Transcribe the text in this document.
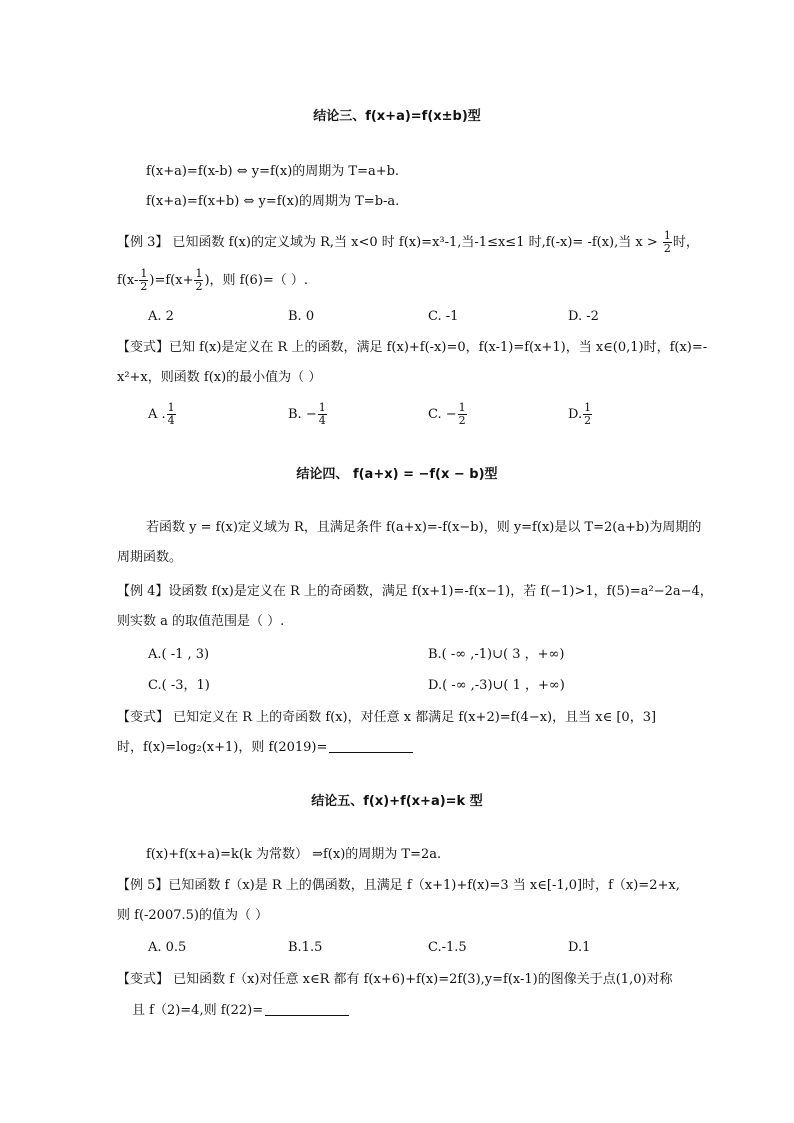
结论三、f(x+a)=f(x±b)型
f(x+a)=f(x-b) ⇔ y=f(x)的周期为 T=a+b.
f(x+a)=f(x+b) ⇔ y=f(x)的周期为 T=b-a.
【例 3】 已知函数 f(x)的定义域为 R,当 x<0 时 f(x)=x³-1,当-1≤x≤1 时,f(-x)= -f(x),当 $x > \frac{1}{2}$ 时，
$f(x- \frac{1}{2} )=f(x+ \frac{1}{2}$ )，则 f(6)=（ ）.
A. 2	B. 0	C. -1	D. -2
【变式】已知 f(x)是定义在 R 上的函数，满足 f(x)+f(-x)=0，f(x-1)=f(x+1)，当 x∈(0,1)时，f(x)=-
x²+x，则函数 f(x)的最小值为（ ）
A . $\frac{1}{4}$	B. − $\frac{1}{4}$	C. − $\frac{1}{2}$	D. $\frac{1}{2}$
结论四、 f(a+x) = −f(x − b)型
若函数 y = f(x)定义域为 R，且满足条件 f(a+x)=-f(x−b)，则 y=f(x)是以 T=2(a+b)为周期的
周期函数。
【例 4】设函数 f(x)是定义在 R 上的奇函数，满足 f(x+1)=-f(x−1)，若 f(−1)>1，f(5)=a²−2a−4，
则实数 a 的取值范围是（ ）.
A.( -1 , 3)	B.( -∞ ,-1)∪( 3 ，+∞)
C.( -3，1)	D.( -∞ ,-3)∪( 1 ，+∞)
【变式】 已知定义在 R 上的奇函数 f(x)，对任意 x 都满足 f(x+2)=f(4−x)，且当 x∈ [0，3]
时，f(x)=log₂(x+1)，则 f(2019)=
结论五、f(x)+f(x+a)=k 型
f(x)+f(x+a)=k(k 为常数） ⇒f(x)的周期为 T=2a.
【例 5】已知函数 f（x)是 R 上的偶函数，且满足 f（x+1)+f(x)=3 当 x∈[-1,0]时，f（x)=2+x,
则 f(-2007.5)的值为（ ）
A. 0.5	B.1.5	C.-1.5	D.1
【变式】 已知函数 f（x)对任意 x∈R 都有 f(x+6)+f(x)=2f(3),y=f(x-1)的图像关于点(1,0)对称
且 f（2)=4,则 f(22)=
